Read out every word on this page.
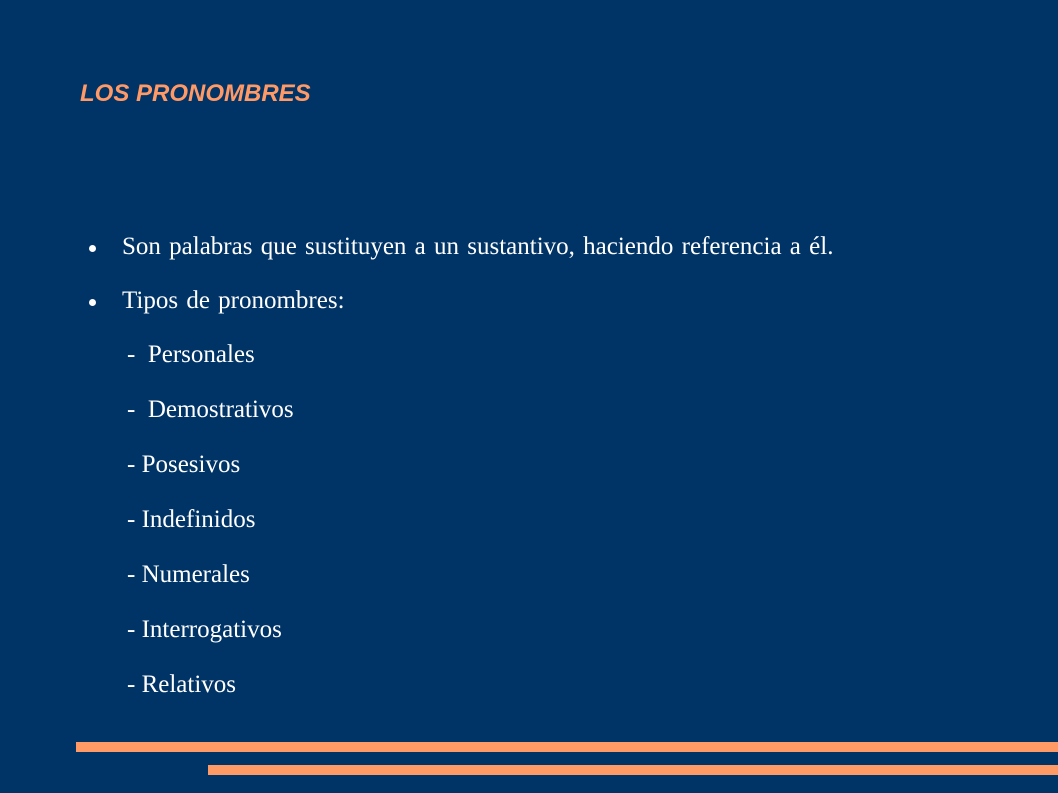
LOS PRONOMBRES
Son palabras que sustituyen a un sustantivo, haciendo referencia a él.
Tipos de pronombres:
-  Personales
-  Demostrativos
- Posesivos
- Indefinidos
- Numerales
- Interrogativos
- Relativos
